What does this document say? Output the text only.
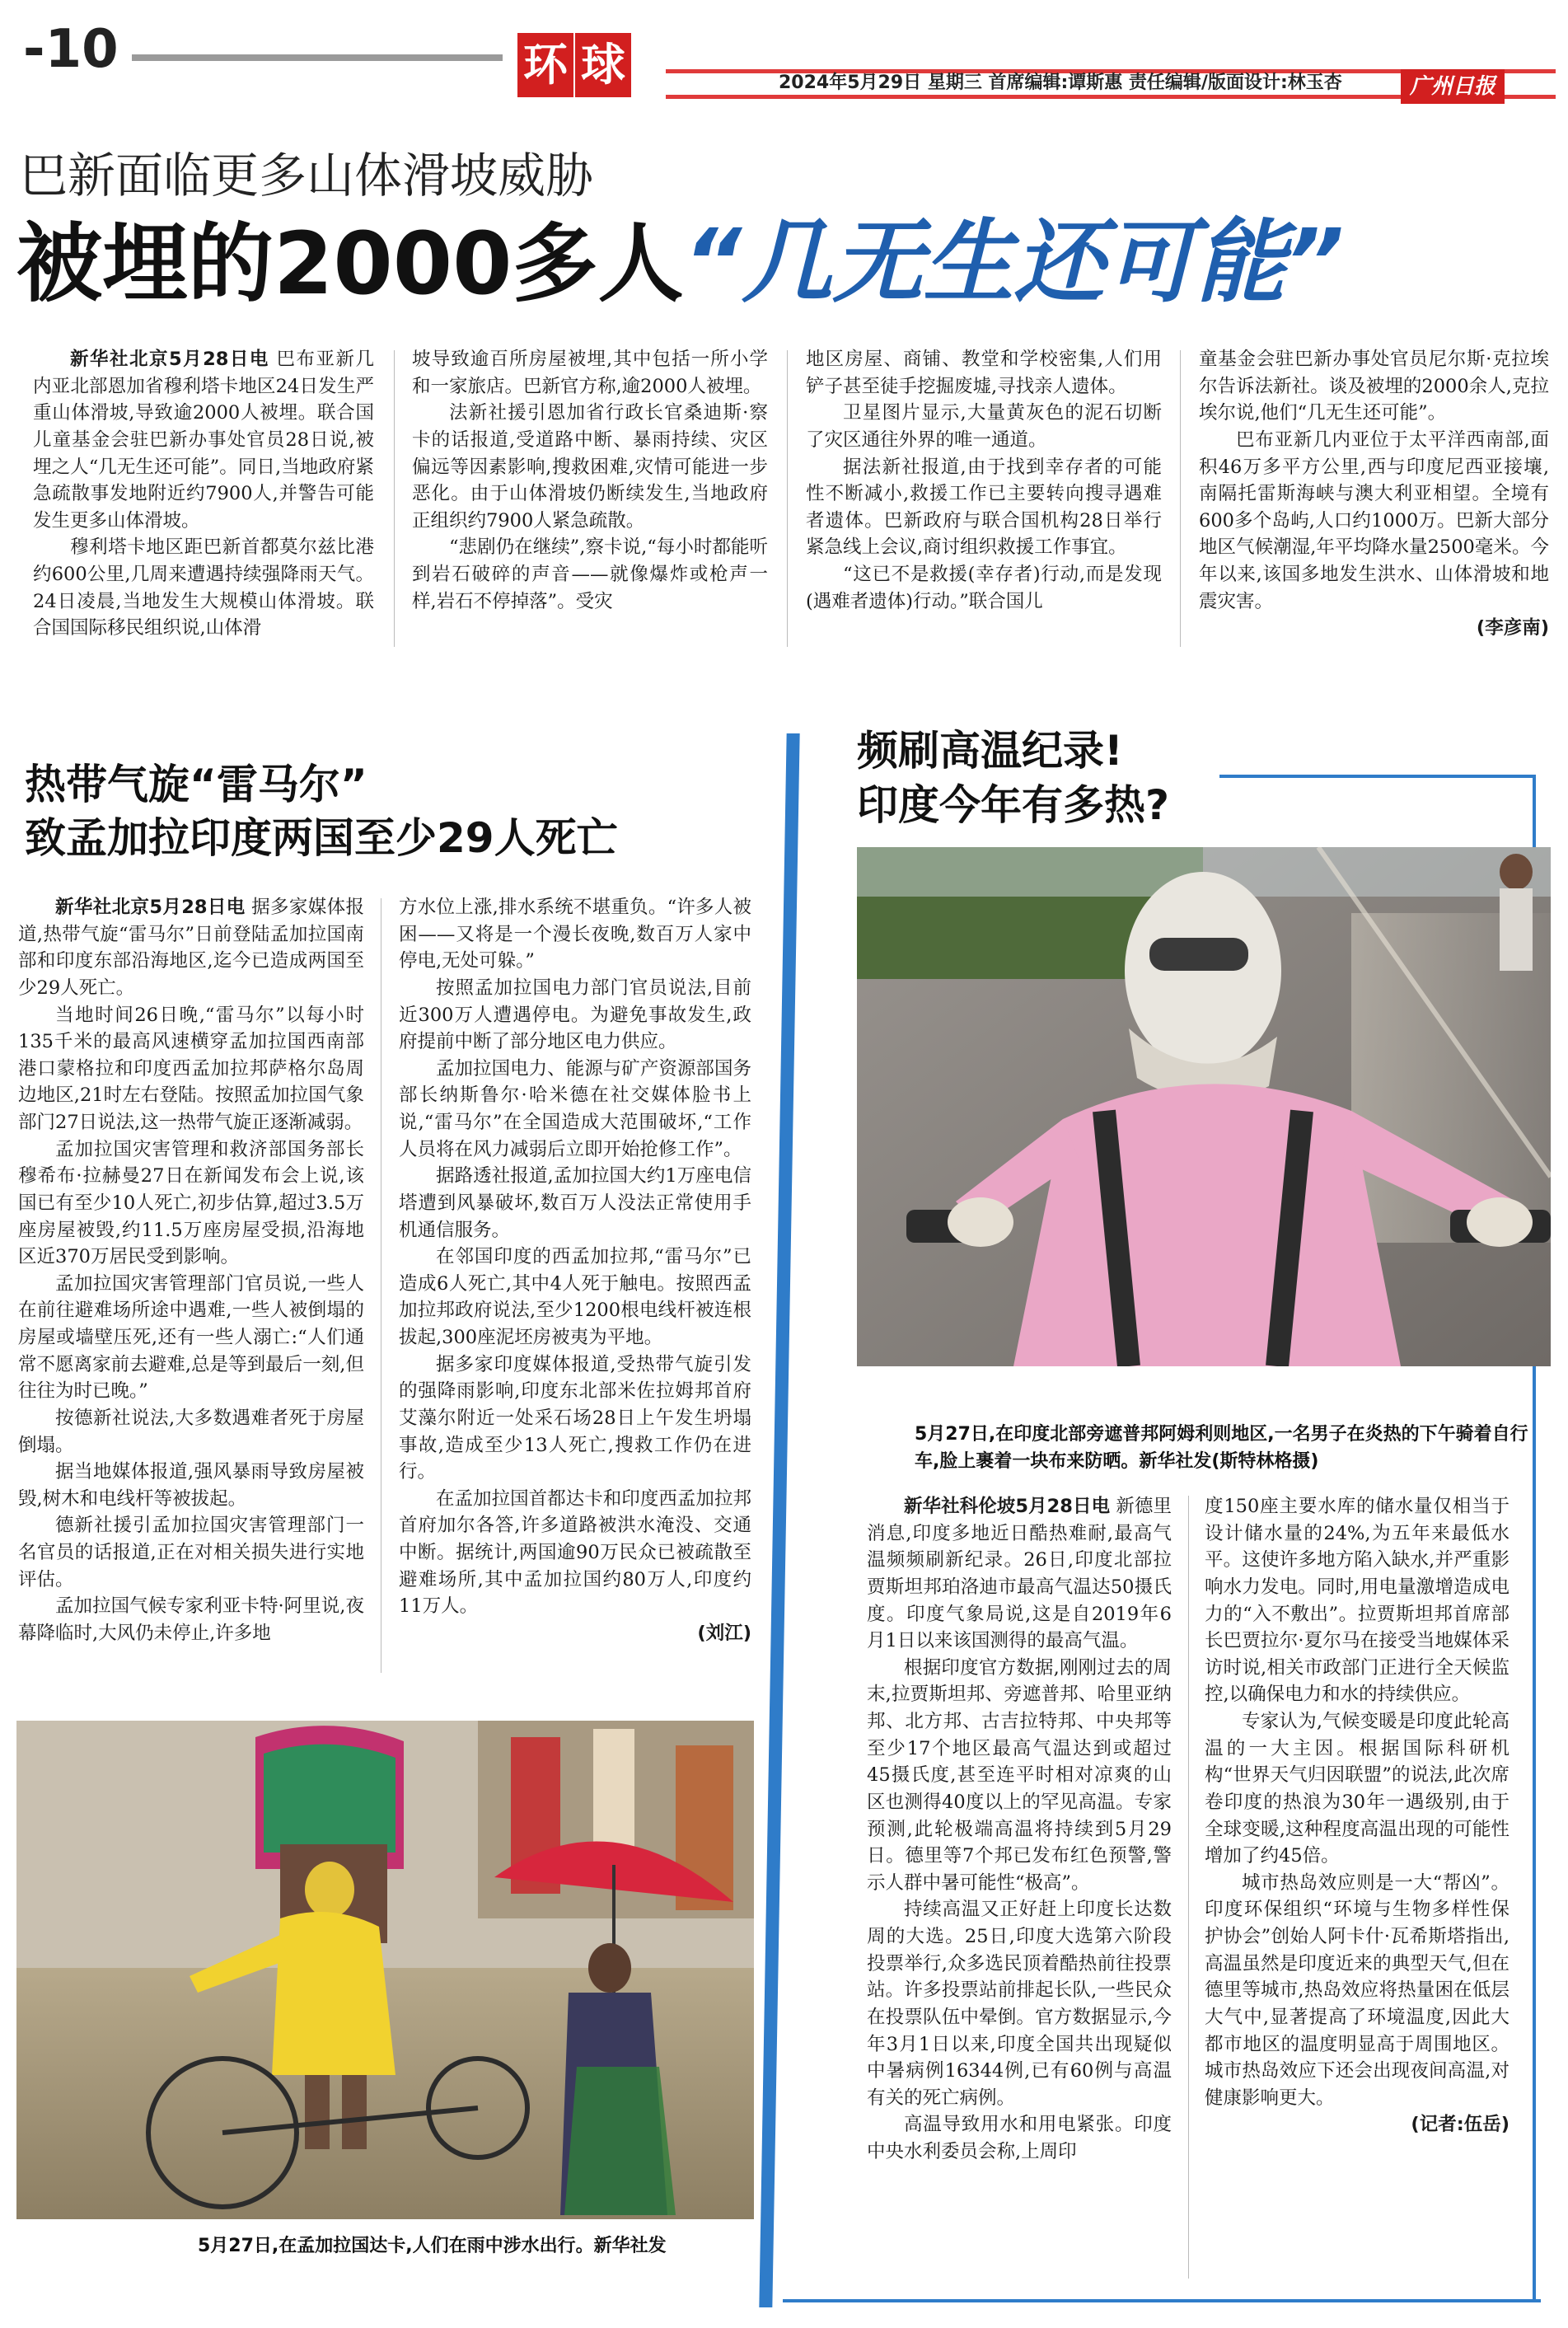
-10	环 球	2024年5月29日 星期三 首席编辑:谭斯惠 责任编辑/版面设计:林玉杏	广州日报
巴新面临更多山体滑坡威胁
被埋的2000多人“几无生还可能”

新华社北京5月28日电 巴布亚新几内亚北部恩加省穆利塔卡地区24日发生严重山体滑坡,导致逾2000人被埋。联合国儿童基金会驻巴新办事处官员28日说,被埋之人“几无生还可能”。同日,当地政府紧急疏散事发地附近约7900人,并警告可能发生更多山体滑坡。

穆利塔卡地区距巴新首都莫尔兹比港约600公里,几周来遭遇持续强降雨天气。24日凌晨,当地发生大规模山体滑坡。联合国国际移民组织说,山体滑

坡导致逾百所房屋被埋,其中包括一所小学和一家旅店。巴新官方称,逾2000人被埋。

法新社援引恩加省行政长官桑迪斯·察卡的话报道,受道路中断、暴雨持续、灾区偏远等因素影响,搜救困难,灾情可能进一步恶化。由于山体滑坡仍断续发生,当地政府正组织约7900人紧急疏散。

“悲剧仍在继续”,察卡说,“每小时都能听到岩石破碎的声音——就像爆炸或枪声一样,岩石不停掉落”。受灾

地区房屋、商铺、教堂和学校密集,人们用铲子甚至徒手挖掘废墟,寻找亲人遗体。

卫星图片显示,大量黄灰色的泥石切断了灾区通往外界的唯一通道。

据法新社报道,由于找到幸存者的可能性不断减小,救援工作已主要转向搜寻遇难者遗体。巴新政府与联合国机构28日举行紧急线上会议,商讨组织救援工作事宜。

“这已不是救援(幸存者)行动,而是发现(遇难者遗体)行动。”联合国儿

童基金会驻巴新办事处官员尼尔斯·克拉埃尔告诉法新社。谈及被埋的2000余人,克拉埃尔说,他们“几无生还可能”。

巴布亚新几内亚位于太平洋西南部,面积46万多平方公里,西与印度尼西亚接壤,南隔托雷斯海峡与澳大利亚相望。全境有600多个岛屿,人口约1000万。巴新大部分地区气候潮湿,年平均降水量2500毫米。今年以来,该国多地发生洪水、山体滑坡和地震灾害。

(李彦南)
热带气旋“雷马尔”
致孟加拉印度两国至少29人死亡

新华社北京5月28日电 据多家媒体报道,热带气旋“雷马尔”日前登陆孟加拉国南部和印度东部沿海地区,迄今已造成两国至少29人死亡。

当地时间26日晚,“雷马尔”以每小时135千米的最高风速横穿孟加拉国西南部港口蒙格拉和印度西孟加拉邦萨格尔岛周边地区,21时左右登陆。按照孟加拉国气象部门27日说法,这一热带气旋正逐渐减弱。

孟加拉国灾害管理和救济部国务部长穆希布·拉赫曼27日在新闻发布会上说,该国已有至少10人死亡,初步估算,超过3.5万座房屋被毁,约11.5万座房屋受损,沿海地区近370万居民受到影响。

孟加拉国灾害管理部门官员说,一些人在前往避难场所途中遇难,一些人被倒塌的房屋或墙壁压死,还有一些人溺亡:“人们通常不愿离家前去避难,总是等到最后一刻,但往往为时已晚。”

按德新社说法,大多数遇难者死于房屋倒塌。

据当地媒体报道,强风暴雨导致房屋被毁,树木和电线杆等被拔起。

德新社援引孟加拉国灾害管理部门一名官员的话报道,正在对相关损失进行实地评估。

孟加拉国气候专家利亚卡特·阿里说,夜幕降临时,大风仍未停止,许多地

方水位上涨,排水系统不堪重负。“许多人被困——又将是一个漫长夜晚,数百万人家中停电,无处可躲。”

按照孟加拉国电力部门官员说法,目前近300万人遭遇停电。为避免事故发生,政府提前中断了部分地区电力供应。

孟加拉国电力、能源与矿产资源部国务部长纳斯鲁尔·哈米德在社交媒体脸书上说,“雷马尔”在全国造成大范围破坏,“工作人员将在风力减弱后立即开始抢修工作”。

据路透社报道,孟加拉国大约1万座电信塔遭到风暴破坏,数百万人没法正常使用手机通信服务。

在邻国印度的西孟加拉邦,“雷马尔”已造成6人死亡,其中4人死于触电。按照西孟加拉邦政府说法,至少1200根电线杆被连根拔起,300座泥坯房被夷为平地。

据多家印度媒体报道,受热带气旋引发的强降雨影响,印度东北部米佐拉姆邦首府艾藻尔附近一处采石场28日上午发生坍塌事故,造成至少13人死亡,搜救工作仍在进行。

在孟加拉国首都达卡和印度西孟加拉邦首府加尔各答,许多道路被洪水淹没、交通中断。据统计,两国逾90万民众已被疏散至避难场所,其中孟加拉国约80万人,印度约11万人。

(刘江)
5月27日,在孟加拉国达卡,人们在雨中涉水出行。新华社发
频刷高温纪录!
印度今年有多热?
5月27日,在印度北部旁遮普邦阿姆利则地区,一名男子在炎热的下午骑着自行车,脸上裹着一块布来防晒。新华社发(斯特林格摄)

新华社科伦坡5月28日电 新德里消息,印度多地近日酷热难耐,最高气温频频刷新纪录。26日,印度北部拉贾斯坦邦珀洛迪市最高气温达50摄氏度。印度气象局说,这是自2019年6月1日以来该国测得的最高气温。

根据印度官方数据,刚刚过去的周末,拉贾斯坦邦、旁遮普邦、哈里亚纳邦、北方邦、古吉拉特邦、中央邦等至少17个地区最高气温达到或超过45摄氏度,甚至连平时相对凉爽的山区也测得40度以上的罕见高温。专家预测,此轮极端高温将持续到5月29日。德里等7个邦已发布红色预警,警示人群中暑可能性“极高”。

持续高温又正好赶上印度长达数周的大选。25日,印度大选第六阶段投票举行,众多选民顶着酷热前往投票站。许多投票站前排起长队,一些民众在投票队伍中晕倒。官方数据显示,今年3月1日以来,印度全国共出现疑似中暑病例16344例,已有60例与高温有关的死亡病例。

高温导致用水和用电紧张。印度中央水利委员会称,上周印

度150座主要水库的储水量仅相当于设计储水量的24%,为五年来最低水平。这使许多地方陷入缺水,并严重影响水力发电。同时,用电量激增造成电力的“入不敷出”。拉贾斯坦邦首席部长巴贾拉尔·夏尔马在接受当地媒体采访时说,相关市政部门正进行全天候监控,以确保电力和水的持续供应。

专家认为,气候变暖是印度此轮高温的一大主因。根据国际科研机构“世界天气归因联盟”的说法,此次席卷印度的热浪为30年一遇级别,由于全球变暖,这种程度高温出现的可能性增加了约45倍。

城市热岛效应则是一大“帮凶”。印度环保组织“环境与生物多样性保护协会”创始人阿卡什·瓦希斯塔指出,高温虽然是印度近来的典型天气,但在德里等城市,热岛效应将热量困在低层大气中,显著提高了环境温度,因此大都市地区的温度明显高于周围地区。城市热岛效应下还会出现夜间高温,对健康影响更大。

(记者:伍岳)
